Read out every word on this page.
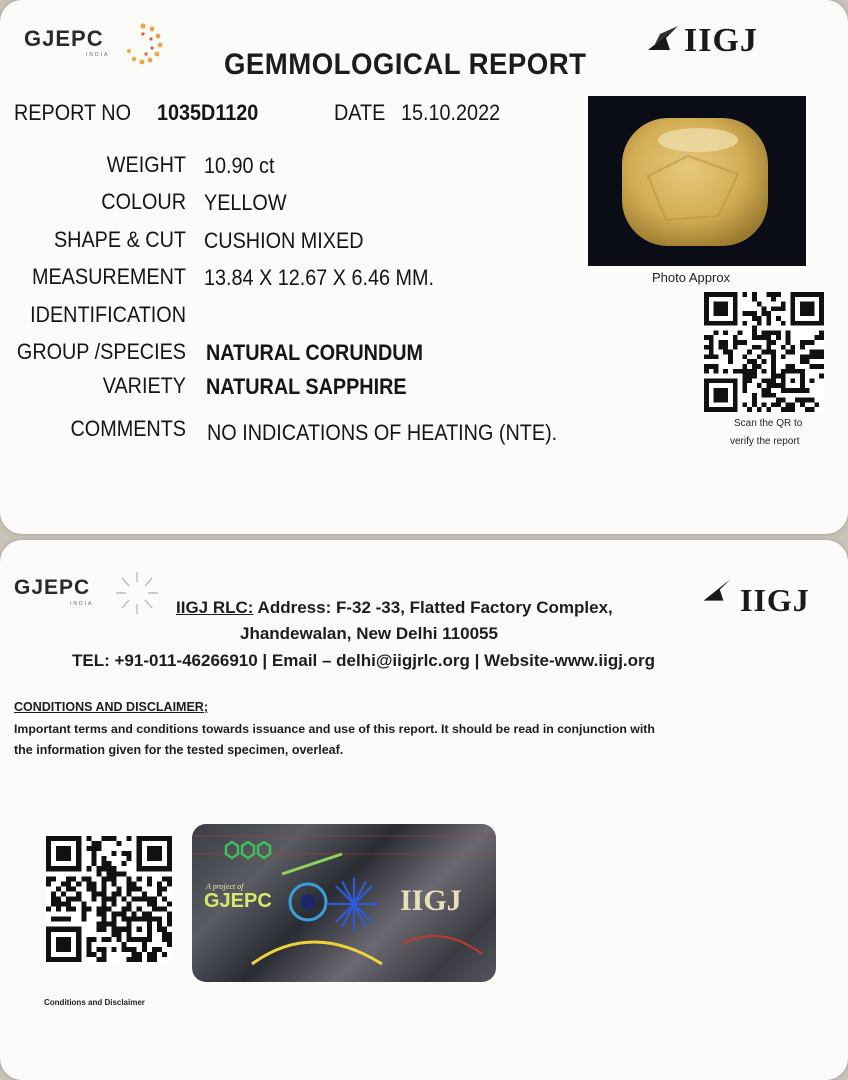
GJEPC
INDIA	IIGJ
GEMMOLOGICAL REPORT
REPORT NO 1035D1120	DATE 15.10.2022
WEIGHT 10.90 ct
COLOUR YELLOW
SHAPE & CUT CUSHION MIXED
MEASUREMENT 13.84 X 12.67 X 6.46 MM.
IDENTIFICATION
GROUP /SPECIES NATURAL CORUNDUM
VARIETY NATURAL SAPPHIRE
COMMENTS NO INDICATIONS OF HEATING (NTE).
Photo Approx
Scan the QR to
verify the report
GJEPC
INDIA	IIGJ
IIGJ RLC: Address: F-32 -33, Flatted Factory Complex,
Jhandewalan, New Delhi 110055
TEL: +91-011-46266910 | Email – delhi@iigjrlc.org | Website-www.iigj.org
CONDITIONS AND DISCLAIMER;
Important terms and conditions towards issuance and use of this report. It should be read in conjunction with
the information given for the tested specimen, overleaf.
Conditions and Disclaimer
A project of
GJEPC	IIGJ
